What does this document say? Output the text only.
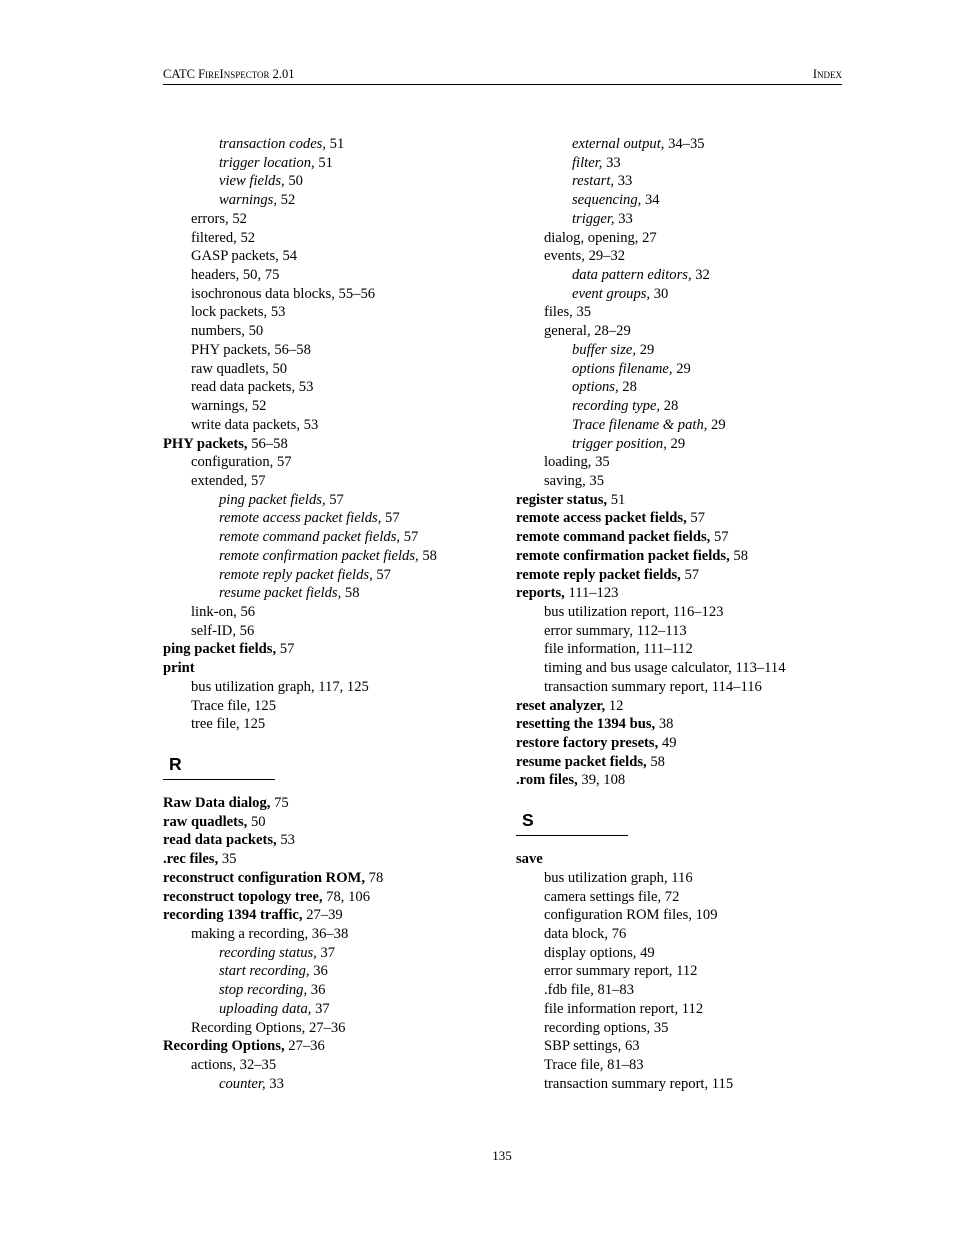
CATC FireInspector 2.01	Index
transaction codes, 51
trigger location, 51
view fields, 50
warnings, 52
errors, 52
filtered, 52
GASP packets, 54
headers, 50, 75
isochronous data blocks, 55–56
lock packets, 53
numbers, 50
PHY packets, 56–58
raw quadlets, 50
read data packets, 53
warnings, 52
write data packets, 53
PHY packets, 56–58
configuration, 57
extended, 57
ping packet fields, 57
remote access packet fields, 57
remote command packet fields, 57
remote confirmation packet fields, 58
remote reply packet fields, 57
resume packet fields, 58
link-on, 56
self-ID, 56
ping packet fields, 57
print
bus utilization graph, 117, 125
Trace file, 125
tree file, 125
R
Raw Data dialog, 75
raw quadlets, 50
read data packets, 53
.rec files, 35
reconstruct configuration ROM, 78
reconstruct topology tree, 78, 106
recording 1394 traffic, 27–39
making a recording, 36–38
recording status, 37
start recording, 36
stop recording, 36
uploading data, 37
Recording Options, 27–36
Recording Options, 27–36
actions, 32–35
counter, 33
external output, 34–35
filter, 33
restart, 33
sequencing, 34
trigger, 33
dialog, opening, 27
events, 29–32
data pattern editors, 32
event groups, 30
files, 35
general, 28–29
buffer size, 29
options filename, 29
options, 28
recording type, 28
Trace filename & path, 29
trigger position, 29
loading, 35
saving, 35
register status, 51
remote access packet fields, 57
remote command packet fields, 57
remote confirmation packet fields, 58
remote reply packet fields, 57
reports, 111–123
bus utilization report, 116–123
error summary, 112–113
file information, 111–112
timing and bus usage calculator, 113–114
transaction summary report, 114–116
reset analyzer, 12
resetting the 1394 bus, 38
restore factory presets, 49
resume packet fields, 58
.rom files, 39, 108
S
save
bus utilization graph, 116
camera settings file, 72
configuration ROM files, 109
data block, 76
display options, 49
error summary report, 112
.fdb file, 81–83
file information report, 112
recording options, 35
SBP settings, 63
Trace file, 81–83
transaction summary report, 115
135
